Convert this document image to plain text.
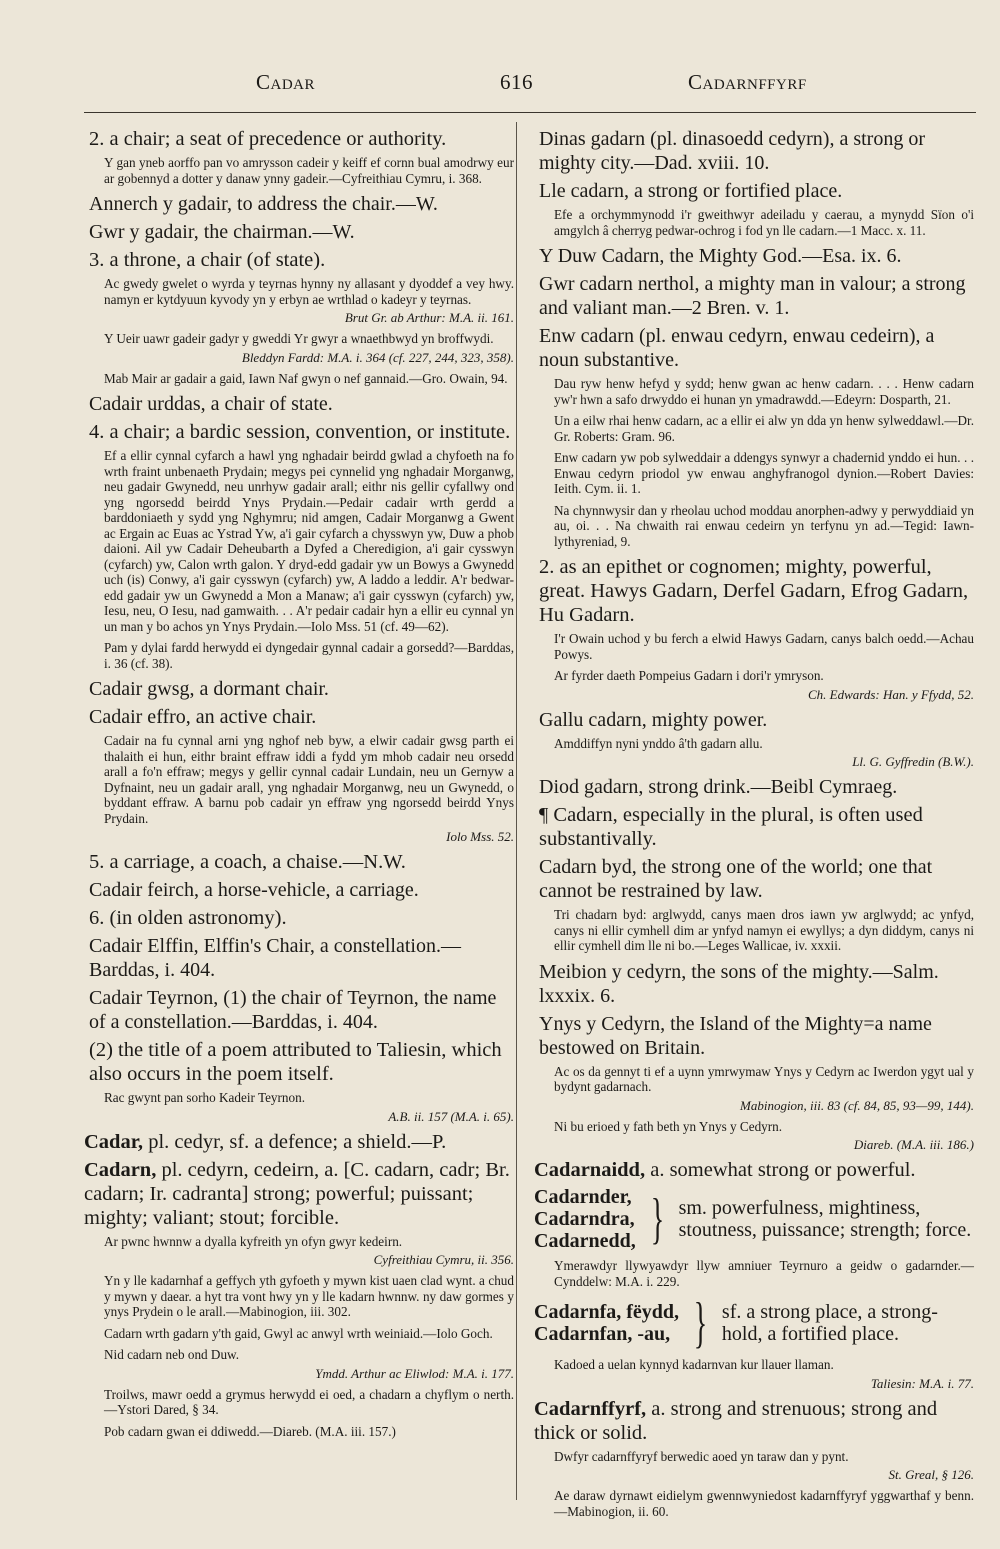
Cadar	616	Cadarnffyrf

2. a chair; a seat of precedence or authority.

Y gan yneb aorffo pan vo amrysson cadeir y keiff ef cornn bual amodrwy eur ar gobennyd a dotter y danaw ynny gadeir.—Cyfreithiau Cymru, i. 368.

Annerch y gadair, to address the chair.—W.

Gwr y gadair, the chairman.—W.

3. a throne, a chair (of state).

Ac gwedy gwelet o wyrda y teyrnas hynny ny allasant y dyoddef a vey hwy. namyn er kytdyuun kyvody yn y erbyn ae wrthlad o kadeyr y teyrnas.

Brut Gr. ab Arthur: M.A. ii. 161.

Y Ueir uawr gadeir gadyr y gweddi Yr gwyr a wnaethbwyd yn broffwydi.

Bleddyn Fardd: M.A. i. 364 (cf. 227, 244, 323, 358).

Mab Mair ar gadair a gaid, Iawn Naf gwyn o nef gannaid.—Gro. Owain, 94.

Cadair urddas, a chair of state.

4. a chair; a bardic session, convention, or institute.

Ef a ellir cynnal cyfarch a hawl yng nghadair beirdd gwlad a chyfoeth na fo wrth fraint unbenaeth Prydain; megys pei cynnelid yng nghadair Morganwg, neu gadair Gwynedd, neu unrhyw gadair arall; eithr nis gellir cyfallwy ond yng ngorsedd beirdd Ynys Prydain.—Pedair cadair wrth gerdd a barddoniaeth y sydd yng Nghymru; nid amgen, Cadair Morganwg a Gwent ac Ergain ac Euas ac Ystrad Yw, a'i gair cyfarch a chysswyn yw, Duw a phob daioni. Ail yw Cadair Deheubarth a Dyfed a Cheredigion, a'i gair cysswyn (cyfarch) yw, Calon wrth galon. Y dryd-edd gadair yw un Bowys a Gwynedd uch (is) Conwy, a'i gair cysswyn (cyfarch) yw, A laddo a leddir. A'r bedwar-edd gadair yw un Gwynedd a Mon a Manaw; a'i gair cysswyn (cyfarch) yw, Iesu, neu, O Iesu, nad gamwaith. . . A'r pedair cadair hyn a ellir eu cynnal yn un man y bo achos yn Ynys Prydain.—Iolo Mss. 51 (cf. 49—62).

Pam y dylai fardd herwydd ei dyngedair gynnal cadair a gorsedd?—Barddas, i. 36 (cf. 38).

Cadair gwsg, a dormant chair.

Cadair effro, an active chair.

Cadair na fu cynnal arni yng nghof neb byw, a elwir cadair gwsg parth ei thalaith ei hun, eithr braint effraw iddi a fydd ym mhob cadair neu orsedd arall a fo'n effraw; megys y gellir cynnal cadair Lundain, neu un Gernyw a Dyfnaint, neu un gadair arall, yng nghadair Morganwg, neu un Gwynedd, o byddant effraw. A barnu pob cadair yn effraw yng ngorsedd beirdd Ynys Prydain.

Iolo Mss. 52.

5. a carriage, a coach, a chaise.—N.W.

Cadair feirch, a horse-vehicle, a carriage.

6. (in olden astronomy).

Cadair Elffin, Elffin's Chair, a constellation.—Barddas, i. 404.

Cadair Teyrnon, (1) the chair of Teyrnon, the name of a constellation.—Barddas, i. 404.

(2) the title of a poem attributed to Taliesin, which also occurs in the poem itself.

Rac gwynt pan sorho Kadeir Teyrnon.

A.B. ii. 157 (M.A. i. 65).

Cadar, pl. cedyr, sf. a defence; a shield.—P.

Cadarn, pl. cedyrn, cedeirn, a. [C. cadarn, cadr; Br. cadarn; Ir. cadranta] strong; powerful; puissant; mighty; valiant; stout; forcible.

Ar pwnc hwnnw a dyalla kyfreith yn ofyn gwyr kedeirn.

Cyfreithiau Cymru, ii. 356.

Yn y lle kadarnhaf a geffych yth gyfoeth y mywn kist uaen clad wynt. a chud y mywn y daear. a hyt tra vont hwy yn y lle kadarn hwnnw. ny daw gormes y ynys Prydein o le arall.—Mabinogion, iii. 302.

Cadarn wrth gadarn y'th gaid, Gwyl ac anwyl wrth weiniaid.—Iolo Goch.

Nid cadarn neb ond Duw.

Ymdd. Arthur ac Eliwlod: M.A. i. 177.

Troilws, mawr oedd a grymus herwydd ei oed, a chadarn a chyflym o nerth.—Ystori Dared, § 34.

Pob cadarn gwan ei ddiwedd.—Diareb. (M.A. iii. 157.)

Dinas gadarn (pl. dinasoedd cedyrn), a strong or mighty city.—Dad. xviii. 10.

Lle cadarn, a strong or fortified place.

Efe a orchymmynodd i'r gweithwyr adeiladu y caerau, a mynydd Sïon o'i amgylch â cherryg pedwar-ochrog i fod yn lle cadarn.—1 Macc. x. 11.

Y Duw Cadarn, the Mighty God.—Esa. ix. 6.

Gwr cadarn nerthol, a mighty man in valour; a strong and valiant man.—2 Bren. v. 1.

Enw cadarn (pl. enwau cedyrn, enwau cedeirn), a noun substantive.

Dau ryw henw hefyd y sydd; henw gwan ac henw cadarn. . . . Henw cadarn yw'r hwn a safo drwyddo ei hunan yn ymadrawdd.—Edeyrn: Dosparth, 21.

Un a eilw rhai henw cadarn, ac a ellir ei alw yn dda yn henw sylweddawl.—Dr. Gr. Roberts: Gram. 96.

Enw cadarn yw pob sylweddair a ddengys synwyr a chadernid ynddo ei hun. . . Enwau cedyrn priodol yw enwau anghyfranogol dynion.—Robert Davies: Ieith. Cym. ii. 1.

Na chynnwysir dan y rheolau uchod moddau anorphen-adwy y perwyddiaid yn au, oi. . . Na chwaith rai enwau cedeirn yn terfynu yn ad.—Tegid: Iawn-lythyreniad, 9.

2. as an epithet or cognomen; mighty, powerful, great. Hawys Gadarn, Derfel Gadarn, Efrog Gadarn, Hu Gadarn.

I'r Owain uchod y bu ferch a elwid Hawys Gadarn, canys balch oedd.—Achau Powys.

Ar fyrder daeth Pompeius Gadarn i dori'r ymryson.

Ch. Edwards: Han. y Ffydd, 52.

Gallu cadarn, mighty power.

Amddiffyn nyni ynddo â'th gadarn allu.

Ll. G. Gyffredin (B.W.).

Diod gadarn, strong drink.—Beibl Cymraeg.

¶ Cadarn, especially in the plural, is often used substantivally.

Cadarn byd, the strong one of the world; one that cannot be restrained by law.

Tri chadarn byd: arglwydd, canys maen dros iawn yw arglwydd; ac ynfyd, canys ni ellir cymhell dim ar ynfyd namyn ei ewyllys; a dyn diddym, canys ni ellir cymhell dim lle ni bo.—Leges Wallicae, iv. xxxii.

Meibion y cedyrn, the sons of the mighty.—Salm. lxxxix. 6.

Ynys y Cedyrn, the Island of the Mighty=a name bestowed on Britain.

Ac os da gennyt ti ef a uynn ymrwymaw Ynys y Cedyrn ac Iwerdon ygyt ual y bydynt gadarnach.

Mabinogion, iii. 83 (cf. 84, 85, 93—99, 144).

Ni bu erioed y fath beth yn Ynys y Cedyrn.

Diareb. (M.A. iii. 186.)

Cadarnaidd, a. somewhat strong or powerful.

Cadarnder,
Cadarndra,
Cadarnedd, } sm. powerfulness, mightiness, stoutness, puissance; strength; force.

Ymerawdyr llywyawdyr llyw amniuer Teyrnuro a geidw o gadarnder.—Cynddelw: M.A. i. 229.

Cadarnfa, fëydd,
Cadarnfan, -au, } sf. a strong place, a strong-hold, a fortified place.

Kadoed a uelan kynnyd kadarnvan kur llauer llaman.

Taliesin: M.A. i. 77.

Cadarnffyrf, a. strong and strenuous; strong and thick or solid.

Dwfyr cadarnffyryf berwedic aoed yn taraw dan y pynt.

St. Greal, § 126.

Ae daraw dyrnawt eidielym gwennwyniedost kadarnffyryf yggwarthaf y benn.—Mabinogion, ii. 60.
